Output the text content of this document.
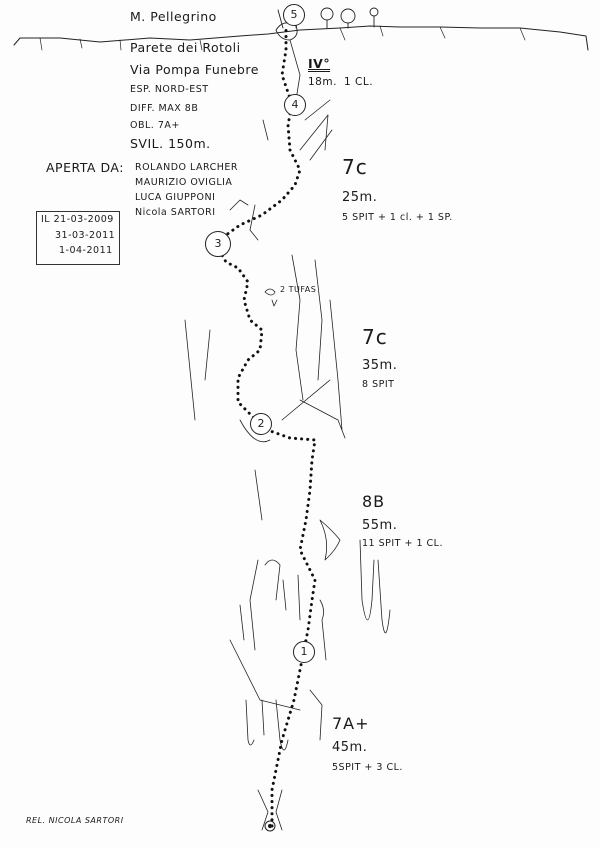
M. Pellegrino
Parete dei Rotoli
Via Pompa Funebre
ESP. NORD-EST
DIFF. MAX 8B
OBL. 7A+
SVIL. 150m.
APERTA DA: ROLANDO LARCHER
MAURIZIO OVIGLIA
LUCA GIUPPONI
Nicola SARTORI
IL 21-03-2009
31-03-2011
1-04-2011
5
4
3
2
1
IV°
18m. 1 CL.
7c
25m.
5 SPIT + 1 cl. + 1 SP.
2 TUFAS
7c
35m.
8 SPIT
8B
55m.
11 SPIT + 1 CL.
7A+
45m.
5SPIT + 3 CL.
REL. NICOLA SARTORI
